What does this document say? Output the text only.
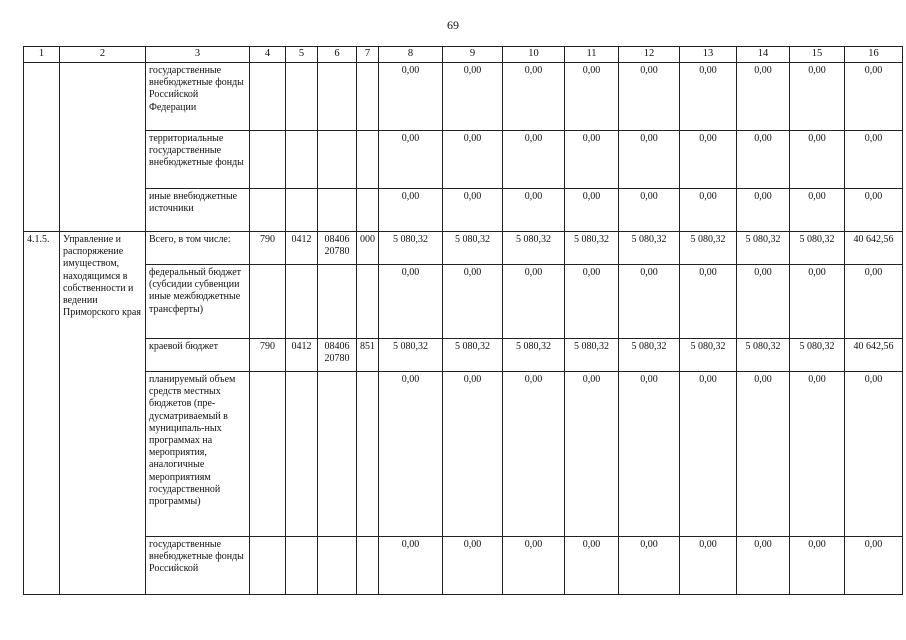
69
1	2	3	4	5	6	7	8	9	10	11	12	13	14	15	16
		государственные внебюджетные фонды Российской Федерации					0,00	0,00	0,00	0,00	0,00	0,00	0,00	0,00	0,00
		территориальные государственные внебюджетные фонды					0,00	0,00	0,00	0,00	0,00	0,00	0,00	0,00	0,00
		иные внебюджетные источники					0,00	0,00	0,00	0,00	0,00	0,00	0,00	0,00	0,00
4.1.5.	Управление и распоряжение имуществом, находящимся в собственности и ведении Приморского края	Всего, в том числе:	790	0412	08406 20780	000	5 080,32	5 080,32	5 080,32	5 080,32	5 080,32	5 080,32	5 080,32	5 080,32	40 642,56
		федеральный бюджет (субсидии субвенции иные межбюджетные трансферты)					0,00	0,00	0,00	0,00	0,00	0,00	0,00	0,00	0,00
		краевой бюджет	790	0412	08406 20780	851	5 080,32	5 080,32	5 080,32	5 080,32	5 080,32	5 080,32	5 080,32	5 080,32	40 642,56
		планируемый объем средств местных бюджетов (пре-дусматриваемый в муниципаль-ных программах на мероприятия, аналогичные мероприятиям государственной программы)					0,00	0,00	0,00	0,00	0,00	0,00	0,00	0,00	0,00
		государственные внебюджетные фонды Российской					0,00	0,00	0,00	0,00	0,00	0,00	0,00	0,00	0,00
